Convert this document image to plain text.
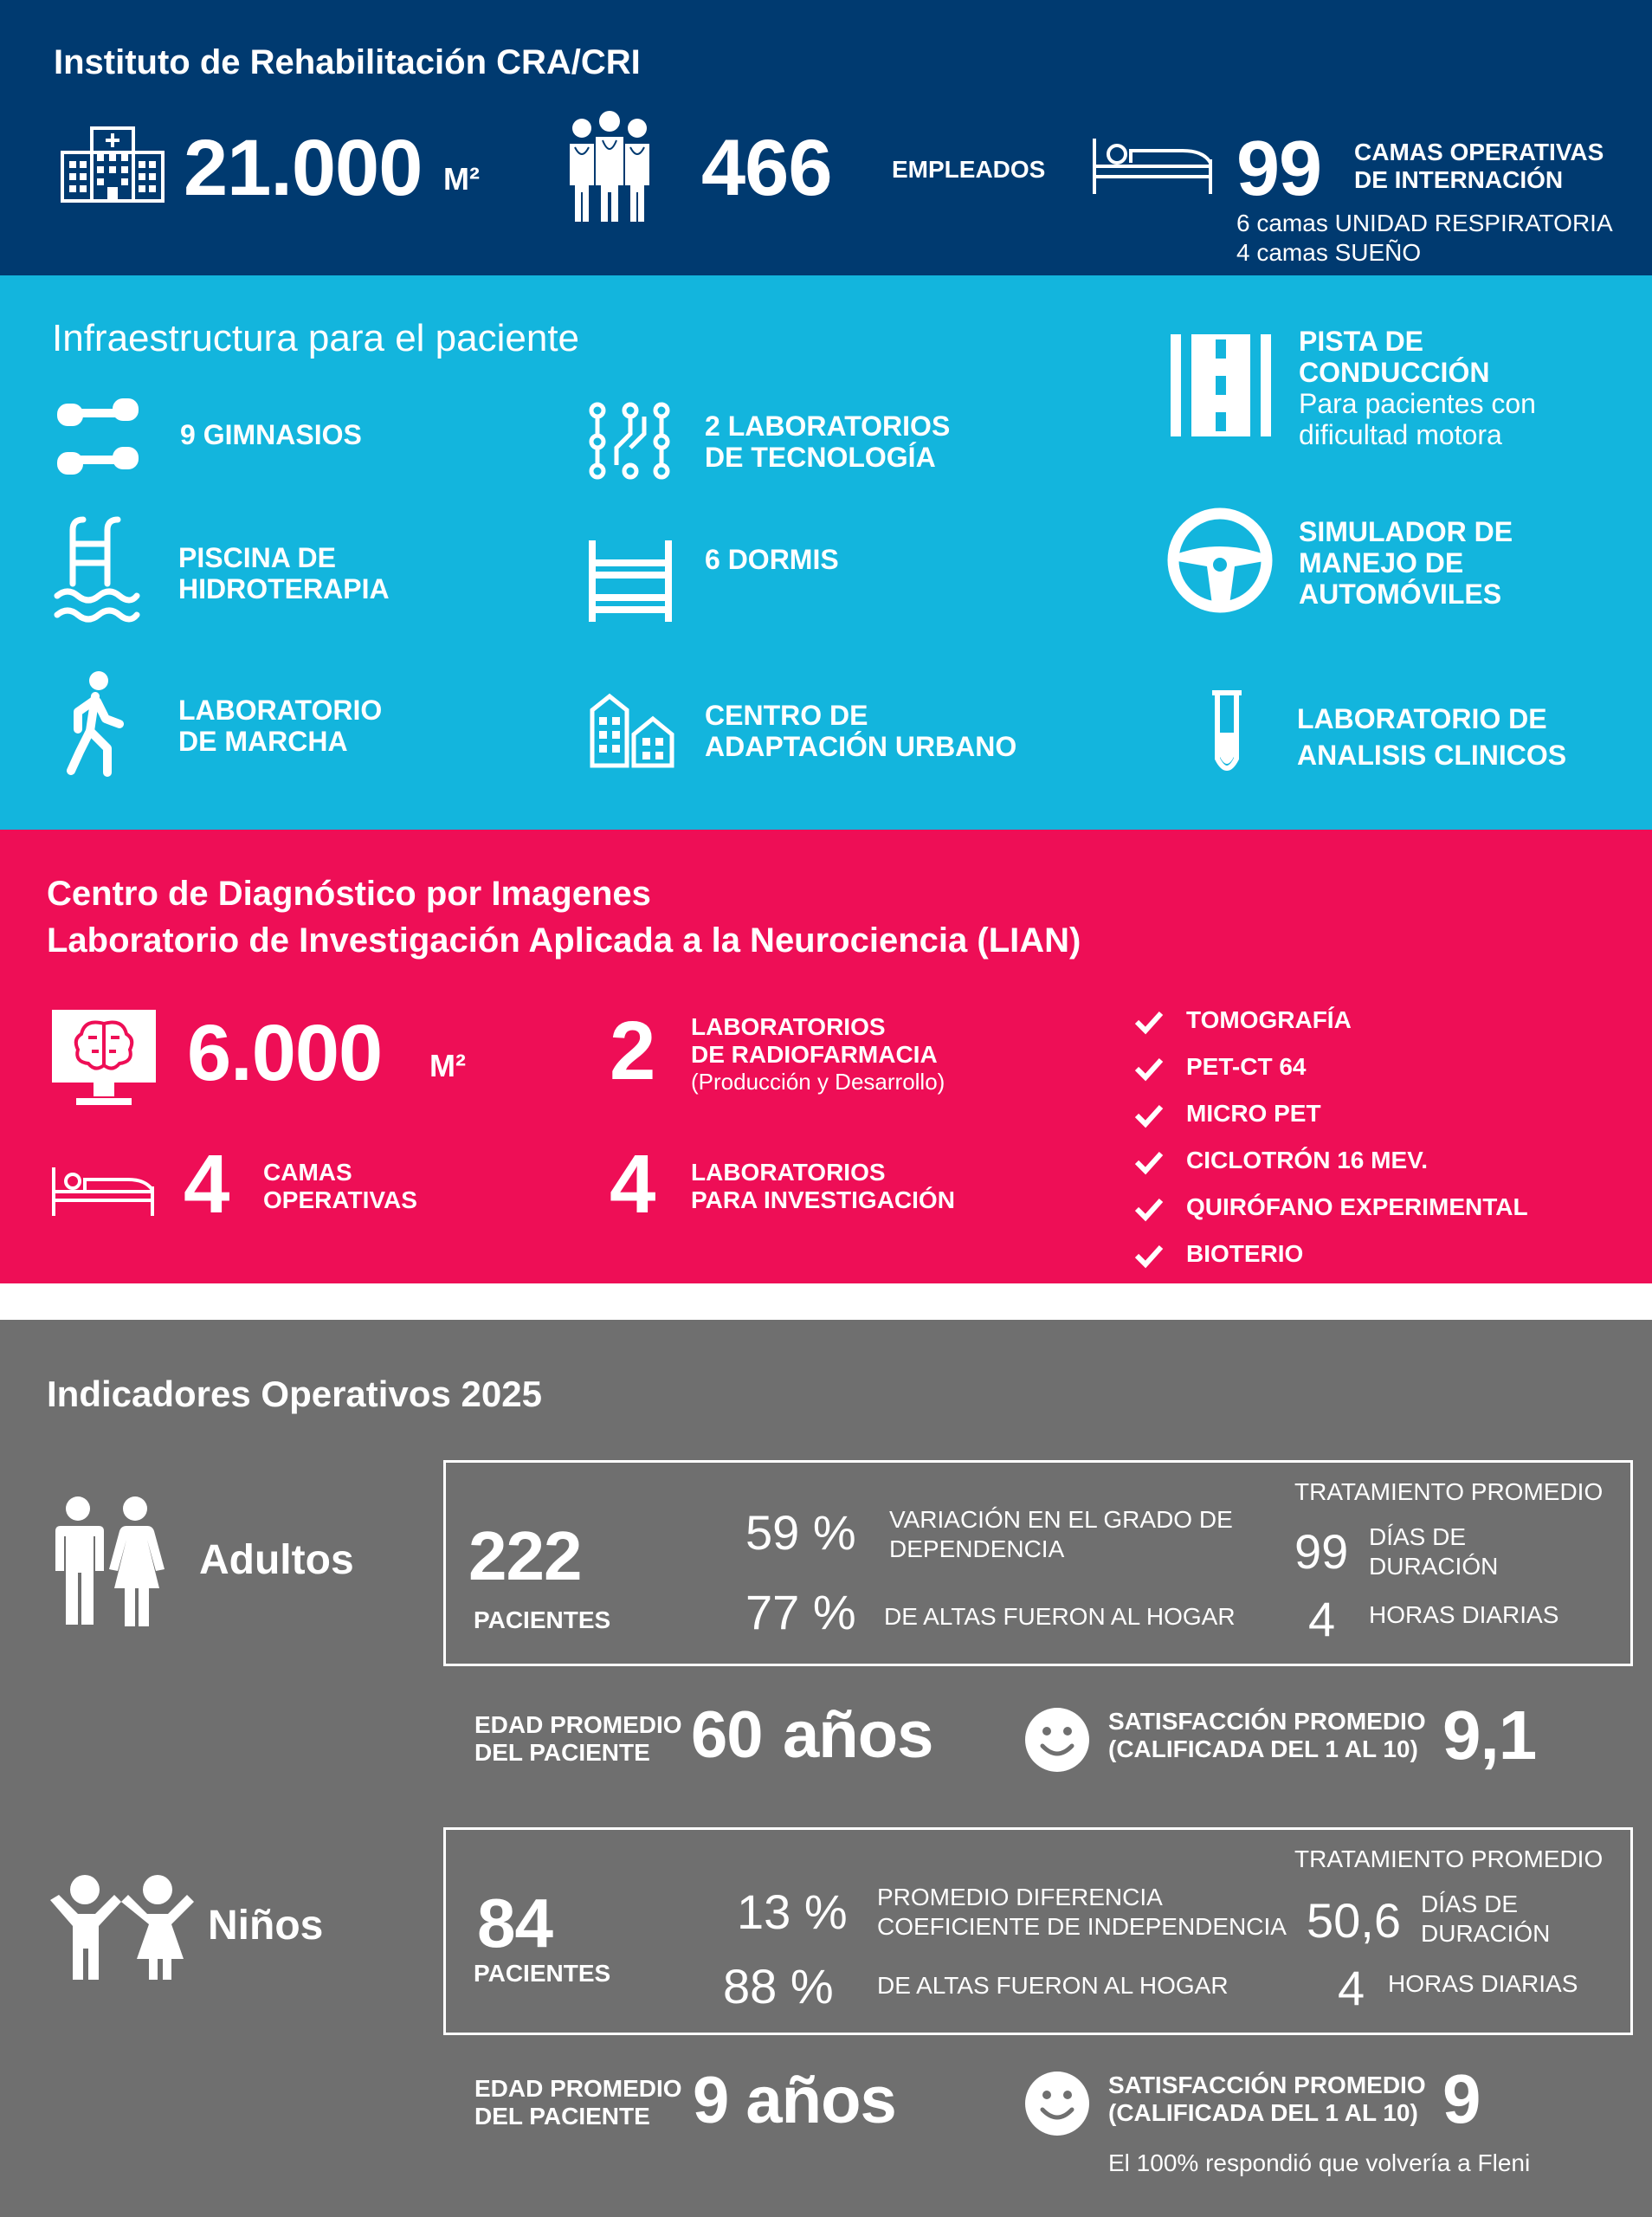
Instituto de Rehabilitación CRA/CRI
21.000 M²	466 EMPLEADOS 99 CAMAS OPERATIVAS
DE INTERNACIÓN
6 camas UNIDAD RESPIRATORIA
4 camas SUEÑO
Infraestructura para el paciente
9 GIMNASIOS	2 LABORATORIOS
DE TECNOLOGÍA
PISTA DE
CONDUCCIÓN
Para pacientes con
dificultad motora
PISCINA DE
HIDROTERAPIA
6 DORMIS
SIMULADOR DE
MANEJO DE
AUTOMÓVILES
LABORATORIO
DE MARCHA
CENTRO DE
ADAPTACIÓN URBANO
LABORATORIO DE
ANALISIS CLINICOS
Centro de Diagnóstico por Imagenes
Laboratorio de Investigación Aplicada a la Neurociencia (LIAN)
6.000 M² 2 LABORATORIOS
DE RADIOFARMACIA
(Producción y Desarrollo)
4 CAMAS
OPERATIVAS 4 LABORATORIOS
PARA INVESTIGACIÓN
TOMOGRAFÍA
PET-CT 64
MICRO PET
CICLOTRÓN 16 MEV.
QUIRÓFANO EXPERIMENTAL
BIOTERIO
Indicadores Operativos 2025
Adultos 222
PACIENTES
59 % VARIACIÓN EN EL GRADO DE
DEPENDENCIA
77 % DE ALTAS FUERON AL HOGAR
TRATAMIENTO PROMEDIO
99 DÍAS DE
DURACIÓN
4 HORAS DIARIAS
EDAD PROMEDIO
DEL PACIENTE 60 años	SATISFACCIÓN PROMEDIO
(CALIFICADA DEL 1 AL 10) 9,1
Niños 84
PACIENTES
13 % PROMEDIO DIFERENCIA
COEFICIENTE DE INDEPENDENCIA
88 % DE ALTAS FUERON AL HOGAR
TRATAMIENTO PROMEDIO
50,6 DÍAS DE
DURACIÓN
4 HORAS DIARIAS
EDAD PROMEDIO
DEL PACIENTE 9 años	SATISFACCIÓN PROMEDIO
(CALIFICADA DEL 1 AL 10) 9
El 100% respondió que volvería a Fleni
